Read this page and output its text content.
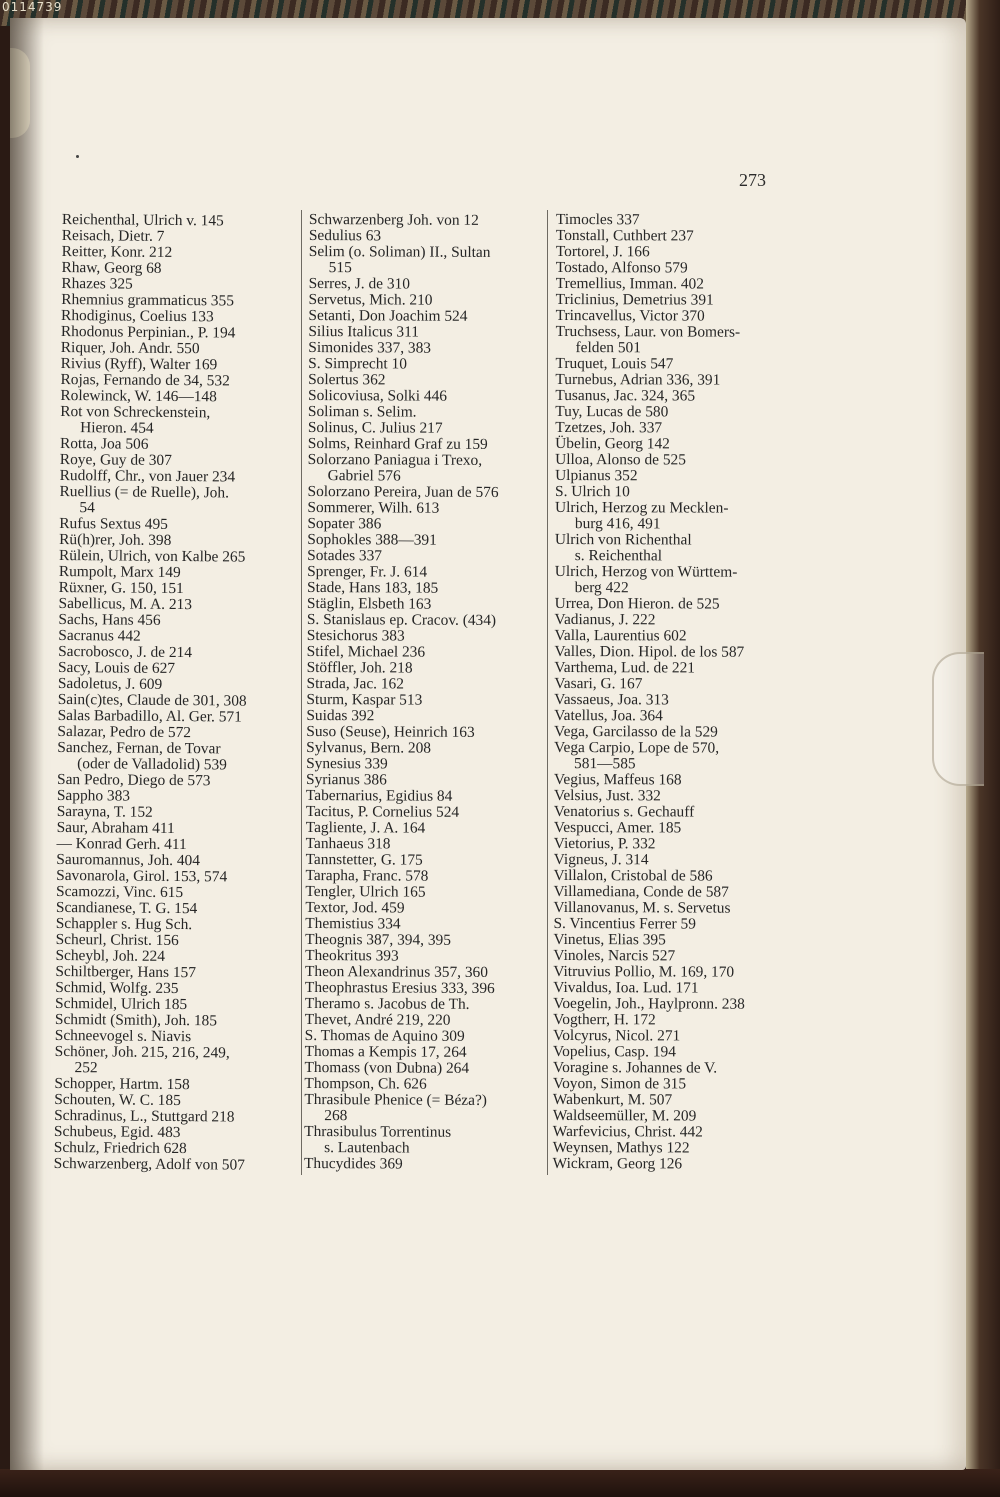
0114739
273
Reichenthal, Ulrich v. 145
Reisach, Dietr. 7
Reitter, Konr. 212
Rhaw, Georg 68
Rhazes 325
Rhemnius grammaticus 355
Rhodiginus, Coelius 133
Rhodonus Perpinian., P. 194
Riquer, Joh. Andr. 550
Rivius (Ryff), Walter 169
Rojas, Fernando de 34, 532
Rolewinck, W. 146—148
Rot von Schreckenstein,
Hieron. 454
Rotta, Joa 506
Roye, Guy de 307
Rudolff, Chr., von Jauer 234
Ruellius (= de Ruelle), Joh.
54
Rufus Sextus 495
Rü(h)rer, Joh. 398
Rülein, Ulrich, von Kalbe 265
Rumpolt, Marx 149
Rüxner, G. 150, 151
Sabellicus, M. A. 213
Sachs, Hans 456
Sacranus 442
Sacrobosco, J. de 214
Sacy, Louis de 627
Sadoletus, J. 609
Sain(c)tes, Claude de 301, 308
Salas Barbadillo, Al. Ger. 571
Salazar, Pedro de 572
Sanchez, Fernan, de Tovar
(oder de Valladolid) 539
San Pedro, Diego de 573
Sappho 383
Sarayna, T. 152
Saur, Abraham 411
— Konrad Gerh. 411
Sauromannus, Joh. 404
Savonarola, Girol. 153, 574
Scamozzi, Vinc. 615
Scandianese, T. G. 154
Schappler s. Hug Sch.
Scheurl, Christ. 156
Scheybl, Joh. 224
Schiltberger, Hans 157
Schmid, Wolfg. 235
Schmidel, Ulrich 185
Schmidt (Smith), Joh. 185
Schneevogel s. Niavis
Schöner, Joh. 215, 216, 249,
252
Schopper, Hartm. 158
Schouten, W. C. 185
Schradinus, L., Stuttgard 218
Schubeus, Egid. 483
Schulz, Friedrich 628
Schwarzenberg, Adolf von 507
Schwarzenberg Joh. von 12
Sedulius 63
Selim (o. Soliman) II., Sultan
515
Serres, J. de 310
Servetus, Mich. 210
Setanti, Don Joachim 524
Silius Italicus 311
Simonides 337, 383
S. Simprecht 10
Solertus 362
Solicoviusa, Solki 446
Soliman s. Selim.
Solinus, C. Julius 217
Solms, Reinhard Graf zu 159
Solorzano Paniagua i Trexo,
Gabriel 576
Solorzano Pereira, Juan de 576
Sommerer, Wilh. 613
Sopater 386
Sophokles 388—391
Sotades 337
Sprenger, Fr. J. 614
Stade, Hans 183, 185
Stäglin, Elsbeth 163
S. Stanislaus ep. Cracov. (434)
Stesichorus 383
Stifel, Michael 236
Stöffler, Joh. 218
Strada, Jac. 162
Sturm, Kaspar 513
Suidas 392
Suso (Seuse), Heinrich 163
Sylvanus, Bern. 208
Synesius 339
Syrianus 386
Tabernarius, Egidius 84
Tacitus, P. Cornelius 524
Tagliente, J. A. 164
Tanhaeus 318
Tannstetter, G. 175
Tarapha, Franc. 578
Tengler, Ulrich 165
Textor, Jod. 459
Themistius 334
Theognis 387, 394, 395
Theokritus 393
Theon Alexandrinus 357, 360
Theophrastus Eresius 333, 396
Theramo s. Jacobus de Th.
Thevet, André 219, 220
S. Thomas de Aquino 309
Thomas a Kempis 17, 264
Thomass (von Dubna) 264
Thompson, Ch. 626
Thrasibule Phenice (= Béza?)
268
Thrasibulus Torrentinus
s. Lautenbach
Thucydides 369
Timocles 337
Tonstall, Cuthbert 237
Tortorel, J. 166
Tostado, Alfonso 579
Tremellius, Imman. 402
Triclinius, Demetrius 391
Trincavellus, Victor 370
Truchsess, Laur. von Bomers-
felden 501
Truquet, Louis 547
Turnebus, Adrian 336, 391
Tusanus, Jac. 324, 365
Tuy, Lucas de 580
Tzetzes, Joh. 337
Übelin, Georg 142
Ulloa, Alonso de 525
Ulpianus 352
S. Ulrich 10
Ulrich, Herzog zu Mecklen-
burg 416, 491
Ulrich von Richenthal
s. Reichenthal
Ulrich, Herzog von Württem-
berg 422
Urrea, Don Hieron. de 525
Vadianus, J. 222
Valla, Laurentius 602
Valles, Dion. Hipol. de los 587
Varthema, Lud. de 221
Vasari, G. 167
Vassaeus, Joa. 313
Vatellus, Joa. 364
Vega, Garcilasso de la 529
Vega Carpio, Lope de 570,
581—585
Vegius, Maffeus 168
Velsius, Just. 332
Venatorius s. Gechauff
Vespucci, Amer. 185
Vietorius, P. 332
Vigneus, J. 314
Villalon, Cristobal de 586
Villamediana, Conde de 587
Villanovanus, M. s. Servetus
S. Vincentius Ferrer 59
Vinetus, Elias 395
Vinoles, Narcis 527
Vitruvius Pollio, M. 169, 170
Vivaldus, Ioa. Lud. 171
Voegelin, Joh., Haylpronn. 238
Vogtherr, H. 172
Volcyrus, Nicol. 271
Vopelius, Casp. 194
Voragine s. Johannes de V.
Voyon, Simon de 315
Wabenkurt, M. 507
Waldseemüller, M. 209
Warfevicius, Christ. 442
Weynsen, Mathys 122
Wickram, Georg 126
